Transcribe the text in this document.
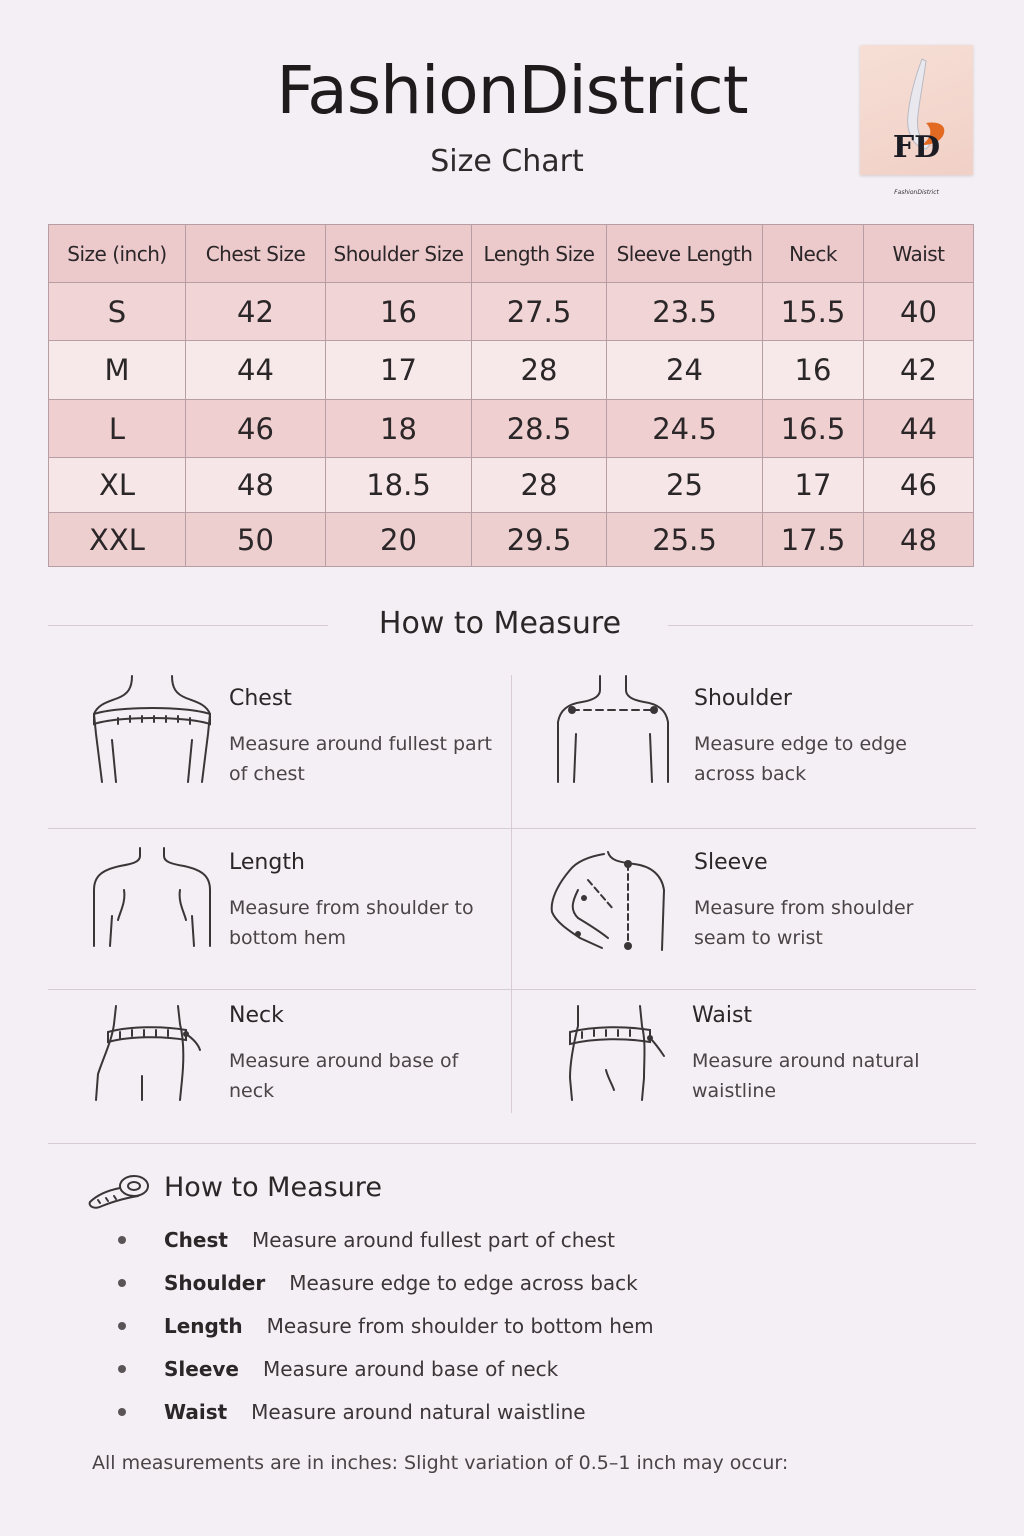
FashionDistrict
Size Chart	FD
FashionDistrict
Size (inch)	Chest Size	Shoulder Size	Length Size	Sleeve Length	Neck	Waist
S	42	16	27.5	23.5	15.5	40
M	44	17	28	24	16	42
L	46	18	28.5	24.5	16.5	44
XL	48	18.5	28	25	17	46
XXL	50	20	29.5	25.5	17.5	48
How to Measure
Chest
Measure around fullest part of chest
Shoulder
Measure edge to edge across back
Length
Measure from shoulder to bottom hem
Sleeve
Measure from shoulder seam to wrist
Neck
Measure around base of neck
Waist
Measure around natural waistline
How to Measure
Chest Measure around fullest part of chest
Shoulder Measure edge to edge across back
Length Measure from shoulder to bottom hem
Sleeve Measure around base of neck
Waist Measure around natural waistline
All measurements are in inches: Slight variation of 0.5–1 inch may occur:
